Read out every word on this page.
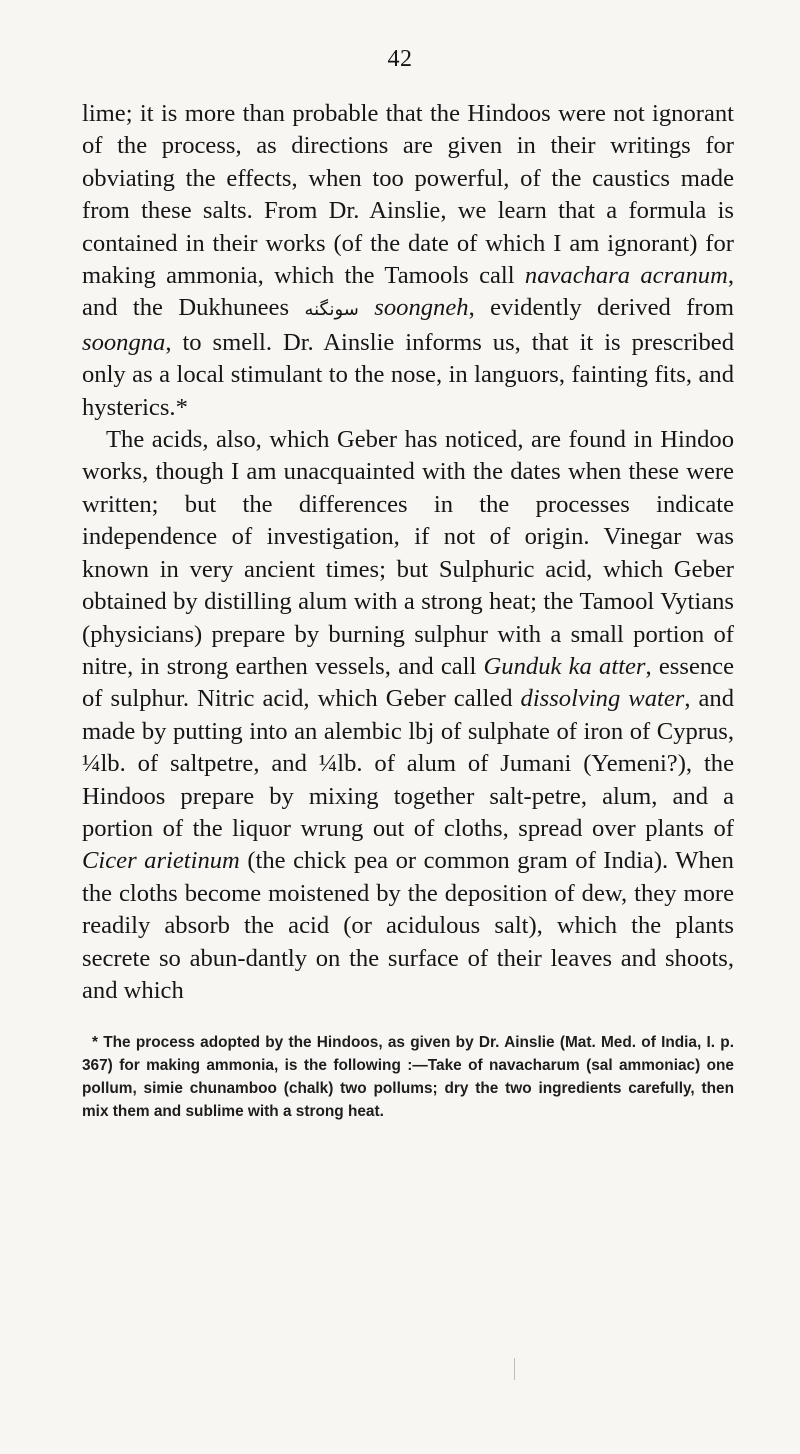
42

lime; it is more than probable that the Hindoos were not ignorant of the process, as directions are given in their writings for obviating the effects, when too powerful, of the caustics made from these salts. From Dr. Ainslie, we learn that a formula is contained in their works (of the date of which I am ignorant) for making ammonia, which the Tamools call navachara acranum, and the Dukhunees سونگنه soongneh, evidently derived from soongna, to smell. Dr. Ainslie informs us, that it is prescribed only as a local stimulant to the nose, in languors, fainting fits, and hysterics.*

The acids, also, which Geber has noticed, are found in Hindoo works, though I am unacquainted with the dates when these were written; but the differences in the processes indicate independence of investigation, if not of origin. Vinegar was known in very ancient times; but Sulphuric acid, which Geber obtained by distilling alum with a strong heat; the Tamool Vytians (physicians) prepare by burning sulphur with a small portion of nitre, in strong earthen vessels, and call Gunduk ka atter, essence of sulphur. Nitric acid, which Geber called dissolving water, and made by putting into an alembic lbj of sulphate of iron of Cyprus, ¼lb. of saltpetre, and ¼lb. of alum of Jumani (Yemeni?), the Hindoos prepare by mixing together salt-petre, alum, and a portion of the liquor wrung out of cloths, spread over plants of Cicer arietinum (the chick pea or common gram of India). When the cloths become moistened by the deposition of dew, they more readily absorb the acid (or acidulous salt), which the plants secrete so abun-dantly on the surface of their leaves and shoots, and which

* The process adopted by the Hindoos, as given by Dr. Ainslie (Mat. Med. of India, I. p. 367) for making ammonia, is the following :—Take of navacharum (sal ammoniac) one pollum, simie chunamboo (chalk) two pollums; dry the two ingredients carefully, then mix them and sublime with a strong heat.
